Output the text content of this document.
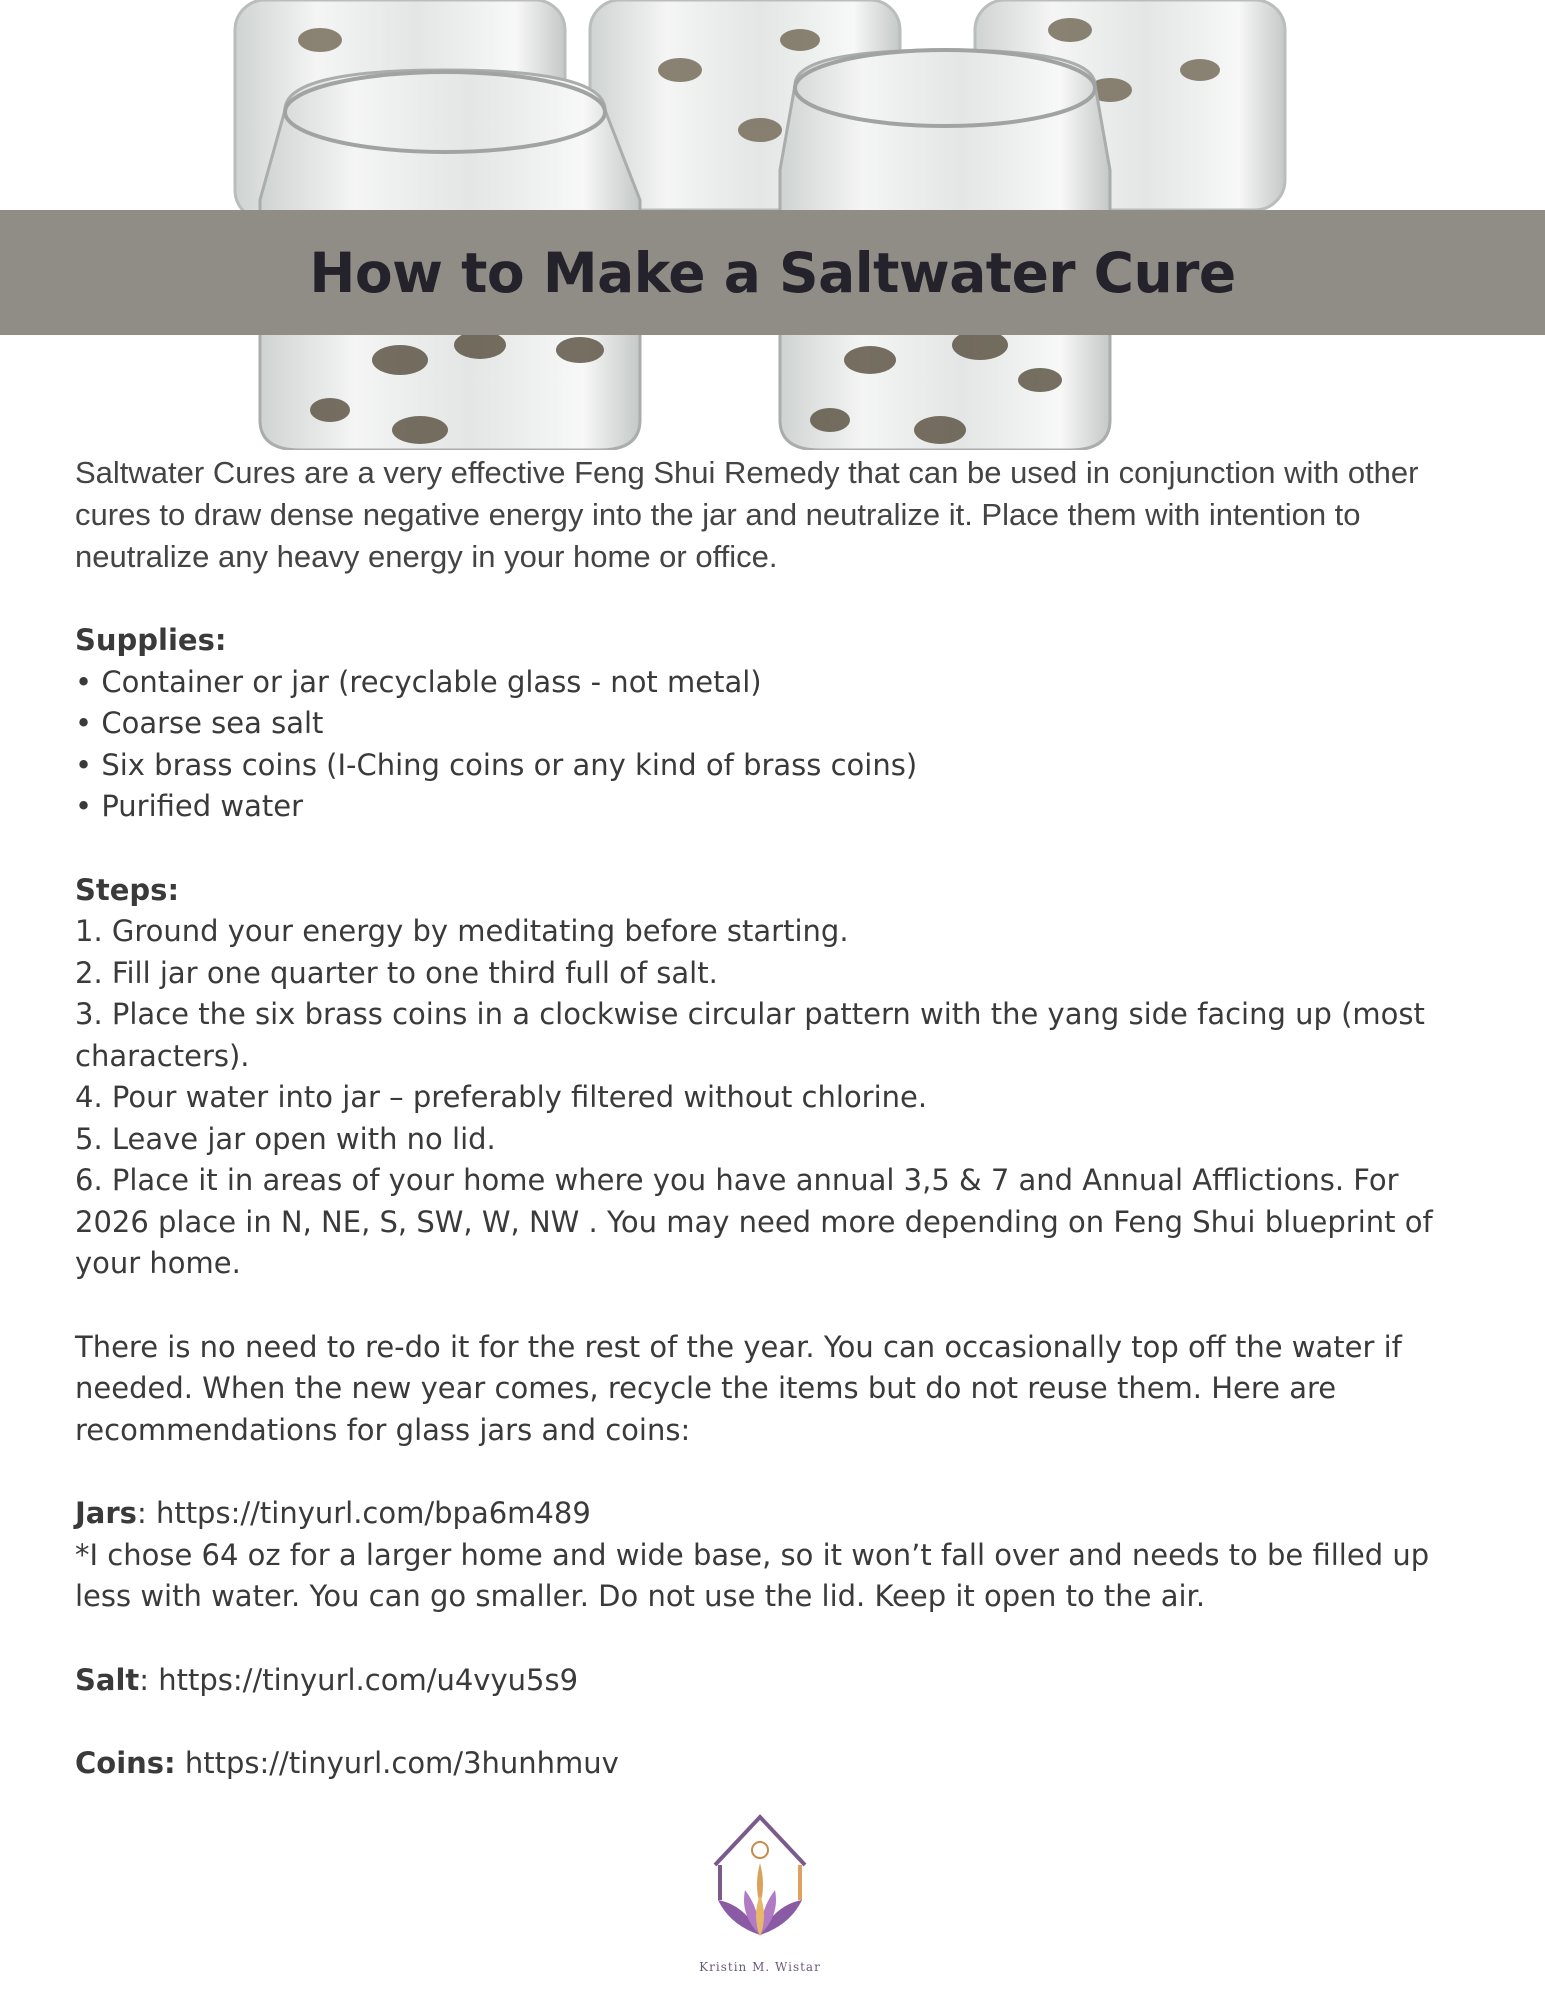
How to Make a Saltwater Cure

Saltwater Cures are a very effective Feng Shui Remedy that can be used in conjunction with other cures to draw dense negative energy into the jar and neutralize it. Place them with intention to neutralize any heavy energy in your home or office.

Supplies:
• Container or jar (recyclable glass - not metal)
• Coarse sea salt
• Six brass coins (I-Ching coins or any kind of brass coins)
• Purified water
Steps:
1. Ground your energy by meditating before starting.
2. Fill jar one quarter to one third full of salt.
3. Place the six brass coins in a clockwise circular pattern with the yang side facing up (most characters).
4. Pour water into jar – preferably filtered without chlorine.
5. Leave jar open with no lid.
6. Place it in areas of your home where you have annual 3,5 & 7 and Annual Afflictions. For 2026 place in N, NE, S, SW, W, NW . You may need more depending on Feng Shui blueprint of your home.

There is no need to re-do it for the rest of the year. You can occasionally top off the water if needed. When the new year comes, recycle the items but do not reuse them. Here are recommendations for glass jars and coins:

Jars: https://tinyurl.com/bpa6m489
*I chose 64 oz for a larger home and wide base, so it won’t fall over and needs to be filled up less with water. You can go smaller. Do not use the lid. Keep it open to the air.
Salt: https://tinyurl.com/u4vyu5s9
Coins: https://tinyurl.com/3hunhmuv
Kristin M. Wistar
